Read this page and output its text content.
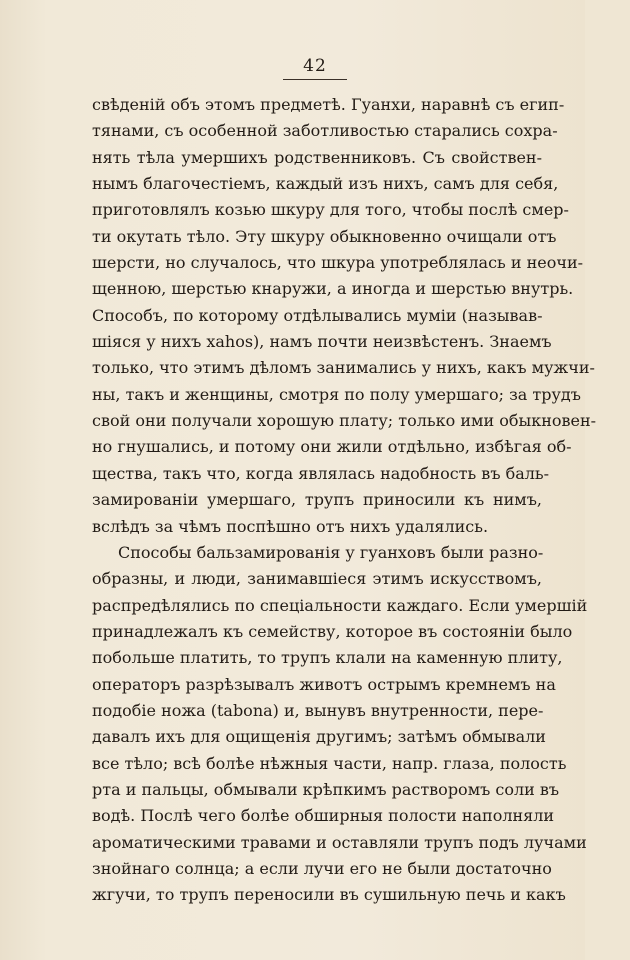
42
свѣденій объ этомъ предметѣ. Гуанхи, наравнѣ съ егип-
тянами, съ особенной заботливостью старались сохра-
нять тѣла умершихъ родственниковъ. Съ свойствен-
нымъ благочестіемъ, каждый изъ нихъ, самъ для себя,
приготовлялъ козью шкуру для того, чтобы послѣ смер-
ти окутать тѣло. Эту шкуру обыкновенно очищали отъ
шерсти, но случалось, что шкура употреблялась и неочи-
щенною, шерстью кнаружи, а иногда и шерстью внутрь.
Способъ, по которому отдѣлывались муміи (называв-
шіяся у нихъ xahos), намъ почти неизвѣстенъ. Знаемъ
только, что этимъ дѣломъ занимались у нихъ, какъ мужчи-
ны, такъ и женщины, смотря по полу умершаго; за трудъ
свой они получали хорошую плату; только ими обыкновен-
но гнушались, и потому они жили отдѣльно, избѣгая об-
щества, такъ что, когда являлась надобность въ баль-
замированіи умершаго, трупъ приносили къ нимъ,
вслѣдъ за чѣмъ поспѣшно отъ нихъ удалялись.
Способы бальзамированія у гуанховъ были разно-
образны, и люди, занимавшіеся этимъ искусствомъ,
распредѣлялись по спеціальности каждаго. Если умершій
принадлежалъ къ семейству, которое въ состояніи было
побольше платить, то трупъ клали на каменную плиту,
операторъ разрѣзывалъ животъ острымъ кремнемъ на
подобіе ножа (tabona) и, вынувъ внутренности, пере-
давалъ ихъ для ощищенія другимъ; затѣмъ обмывали
все тѣло; всѣ болѣе нѣжныя части, напр. глаза, полость
рта и пальцы, обмывали крѣпкимъ растворомъ соли въ
водѣ. Послѣ чего болѣе обширныя полости наполняли
ароматическими травами и оставляли трупъ подъ лучами
знойнаго солнца; а если лучи его не были достаточно
жгучи, то трупъ переносили въ сушильную печь и какъ
